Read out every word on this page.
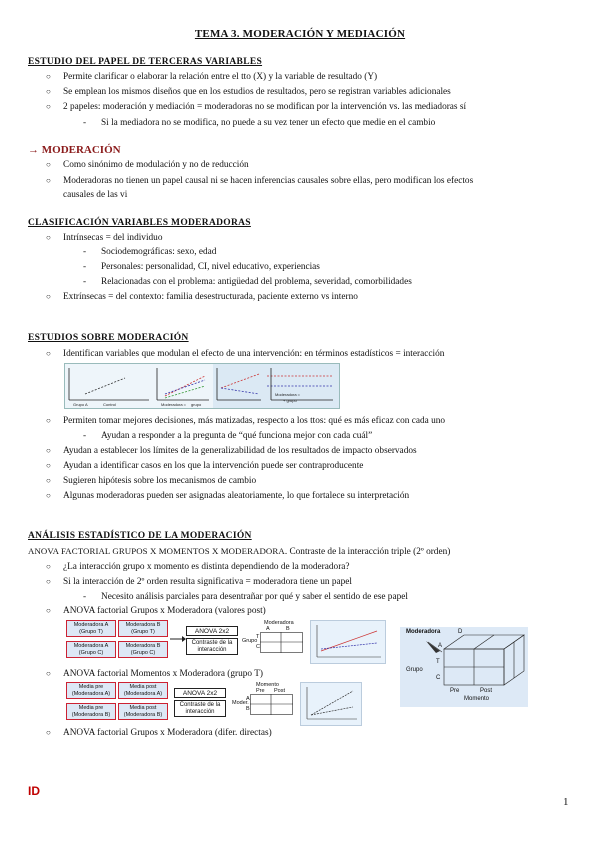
TEMA 3. MODERACIÓN Y MEDIACIÓN
ESTUDIO DEL PAPEL DE TERCERAS VARIABLES
○ Permite clarificar o elaborar la relación entre el tto (X) y la variable de resultado (Y)
○ Se emplean los mismos diseños que en los estudios de resultados, pero se registran variables adicionales
○ 2 papeles: moderación y mediación = moderadoras no se modifican por la intervención vs. las mediadoras sí
- Si la mediadora no se modifica, no puede a su vez tener un efecto que medie en el cambio
→ MODERACIÓN
○ Como sinónimo de modulación y no de reducción
○ Moderadoras no tienen un papel causal ni se hacen inferencias causales sobre ellas, pero modifican los efectos
causales de las vi
CLASIFICACIÓN VARIABLES MODERADORAS
○ Intrínsecas = del individuo
- Sociodemográficas: sexo, edad
- Personales: personalidad, CI, nivel educativo, experiencias
- Relacionadas con el problema: antigüedad del problema, severidad, comorbilidades
○ Extrínsecas = del contexto: familia desestructurada, paciente externo vs interno
ESTUDIOS SOBRE MODERACIÓN
○ Identifican variables que modulan el efecto de una intervención: en términos estadísticos = interacción
Grupo A	Control	Moderadora = grupo
Moderadora =
+ grupo
○ Permiten tomar mejores decisiones, más matizadas, respecto a los ttos: qué es más eficaz con cada uno
- Ayudan a responder a la pregunta de “qué funciona mejor con cada cuál”
○ Ayudan a establecer los límites de la generalizabilidad de los resultados de impacto observados
○ Ayudan a identificar casos en los que la intervención puede ser contraproducente
○ Sugieren hipótesis sobre los mecanismos de cambio
○ Algunas moderadoras pueden ser asignadas aleatoriamente, lo que fortalece su interpretación
ANÁLISIS ESTADÍSTICO DE LA MODERACIÓN
ANOVA FACTORIAL GRUPOS X MOMENTOS X MODERADORA. Contraste de la interacción triple (2º orden)
○ ¿La interacción grupo x momento es distinta dependiendo de la moderadora?
○ Si la interacción de 2º orden resulta significativa = moderadora tiene un papel
- Necesito análisis parciales para desentrañar por qué y saber el sentido de ese papel
○ ANOVA factorial Grupos x Moderadora (valores post)
Moderadora A (Grupo T)
Moderadora B (Grupo T)
Moderadora A (Grupo C)
Moderadora B (Grupo C)
ANOVA 2x2
Contraste de la interacción
Moderadora
A	B
Grupo
T
C
○ ANOVA factorial Momentos x Moderadora (grupo T)
Media pre (Moderadora A)
Media post (Moderadora A)
Media pre (Moderadora B)
Media post (Moderadora B)
ANOVA 2x2
Contraste de la interacción
Momento
Pre Post
Moder.
A
B
○ ANOVA factorial Grupos x Moderadora (difer. directas)
Moderadora	D
A
T
Grupo
C
Pre	Post
Momento
ID
1
